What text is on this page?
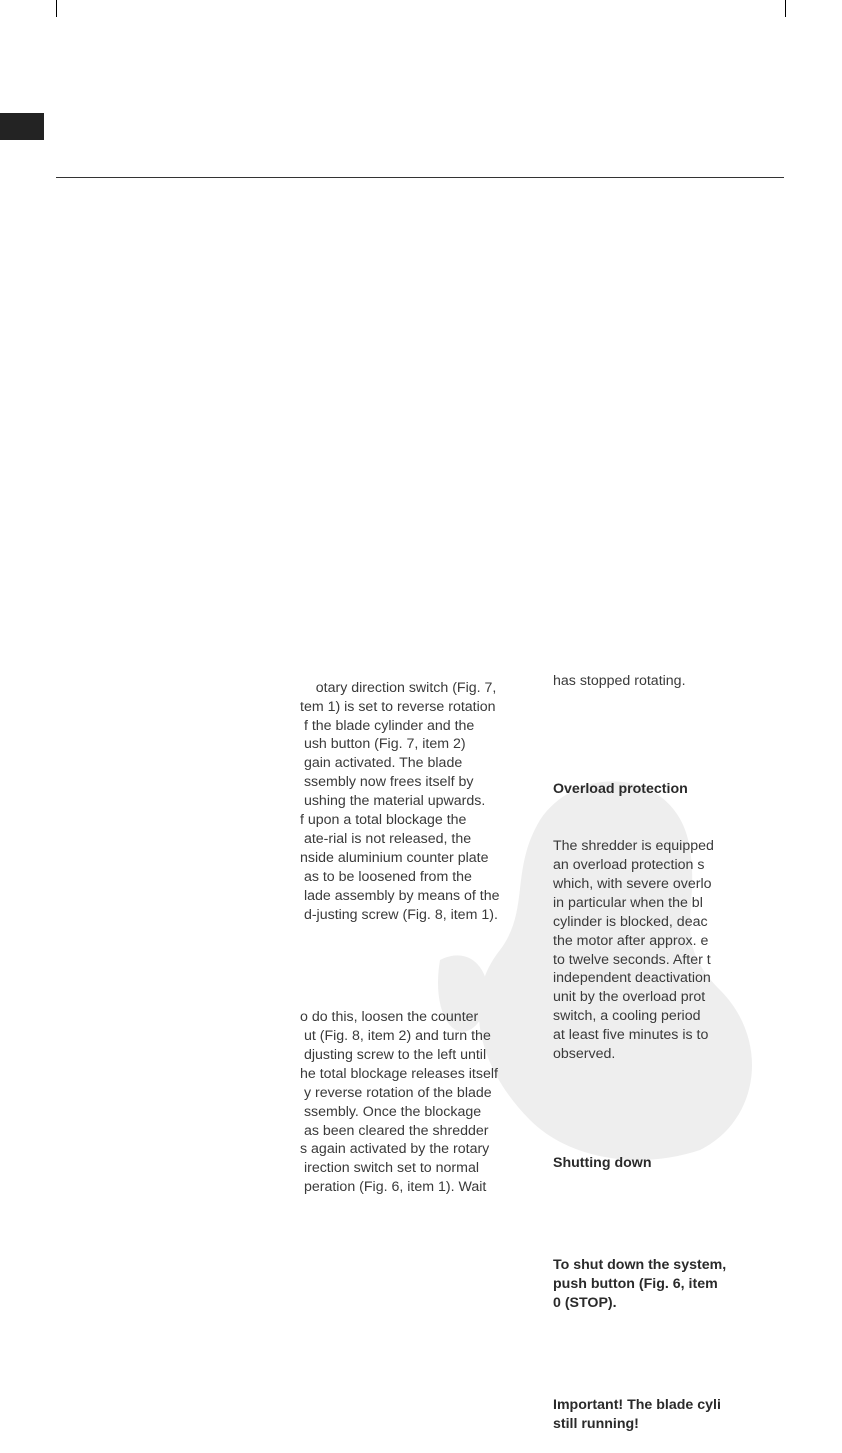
otary direction switch (Fig. 7,
tem 1) is set to reverse rotation
f the blade cylinder and the
ush button (Fig. 7, item 2)
gain activated. The blade
ssembly now frees itself by
ushing the material upwards.
f upon a total blockage the
ate-rial is not released, the
nside aluminium counter plate
as to be loosened from the
lade assembly by means of the
d-justing screw (Fig. 8, item 1).

o do this, loosen the counter
ut (Fig. 8, item 2) and turn the
djusting screw to the left until
he total blockage releases itself
y reverse rotation of the blade
ssembly. Once the blockage
as been cleared the shredder
s again activated by the rotary
irection switch set to normal
peration (Fig. 6, item 1). Wait

has stopped rotating.

Overload protection

The shredder is equipped
an overload protection s
which, with severe overlo
in particular when the bl
cylinder is blocked, deac
the motor after approx. e
to twelve seconds. After t
independent deactivation
unit by the overload prot
switch, a cooling period
at least five minutes is to
observed.

Shutting down

To shut down the system,
push button (Fig. 6, item
0 (STOP).

Important! The blade cyli
still running!
